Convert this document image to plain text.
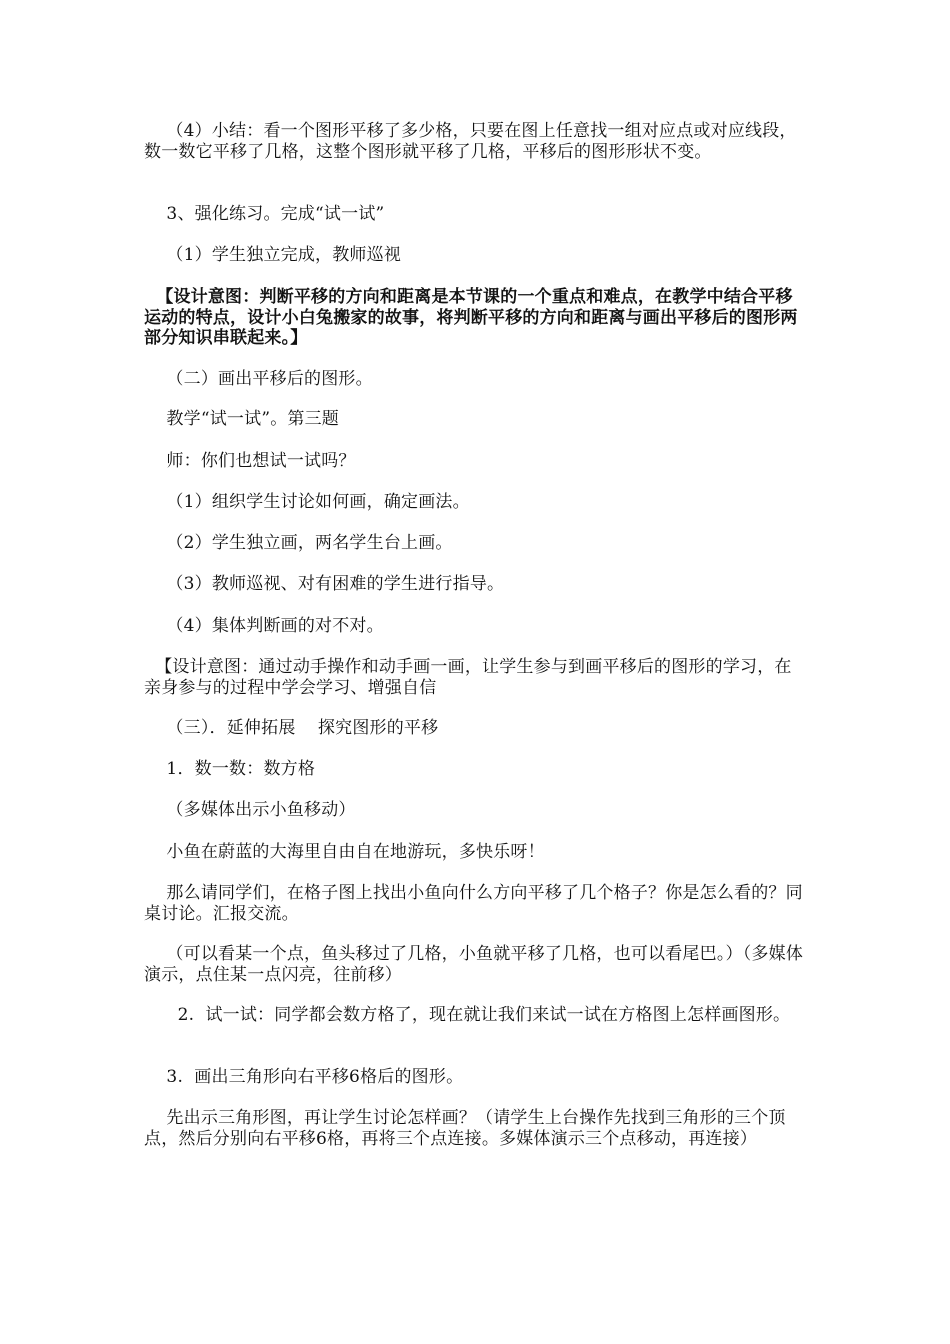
（4）小结：看一个图形平移了多少格，只要在图上任意找一组对应点或对应线段，数一数它平移了几格，这整个图形就平移了几格，平移后的图形形状不变。

3、强化练习。完成“试一试”

（1）学生独立完成，教师巡视

【设计意图：判断平移的方向和距离是本节课的一个重点和难点，在教学中结合平移运动的特点，设计小白兔搬家的故事，将判断平移的方向和距离与画出平移后的图形两部分知识串联起来。】

（二）画出平移后的图形。

教学“试一试”。第三题

师：你们也想试一试吗？

（1）组织学生讨论如何画，确定画法。

（2）学生独立画，两名学生台上画。

（3）教师巡视、对有困难的学生进行指导。

（4）集体判断画的对不对。

【设计意图：通过动手操作和动手画一画，让学生参与到画平移后的图形的学习，在亲身参与的过程中学会学习、增强自信

（三）．延伸拓展    探究图形的平移

1．数一数：数方格

（多媒体出示小鱼移动）

小鱼在蔚蓝的大海里自由自在地游玩，多快乐呀！

那么请同学们，在格子图上找出小鱼向什么方向平移了几个格子？你是怎么看的？同桌讨论。汇报交流。

（可以看某一个点，鱼头移过了几格，小鱼就平移了几格，也可以看尾巴。）（多媒体演示，点住某一点闪亮，往前移）

2.  试一试：同学都会数方格了，现在就让我们来试一试在方格图上怎样画图形。

3.  画出三角形向右平移6格后的图形。

先出示三角形图，再让学生讨论怎样画？（请学生上台操作先找到三角形的三个顶点，然后分别向右平移6格，再将三个点连接。多媒体演示三个点移动，再连接）
